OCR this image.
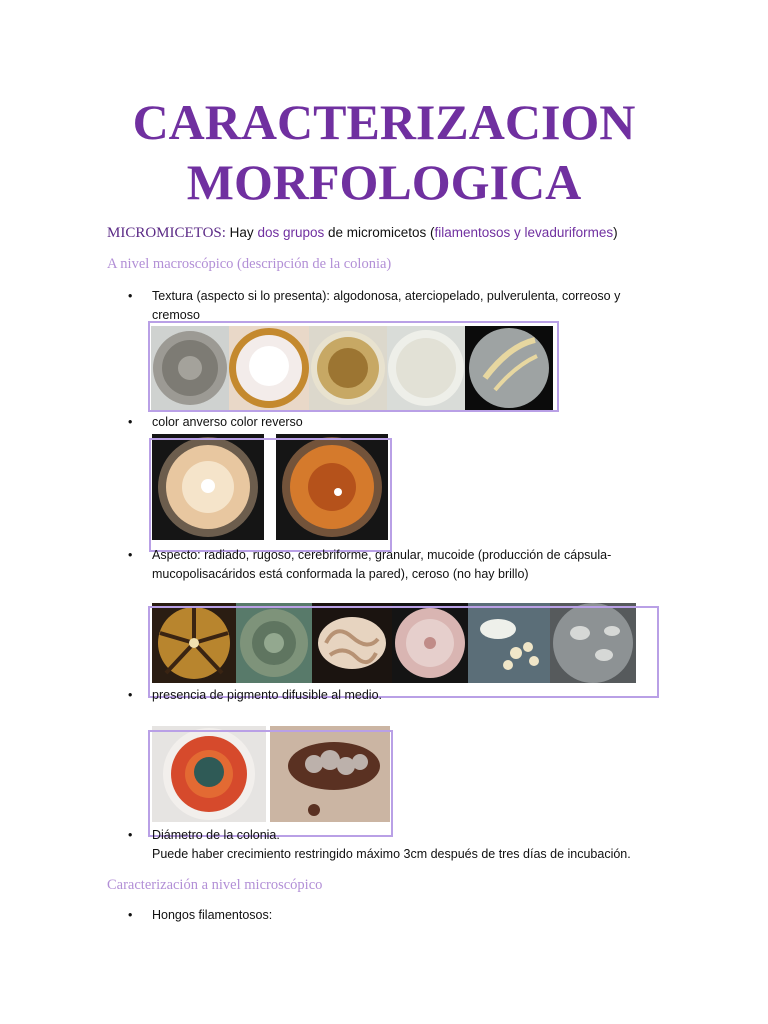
CARACTERIZACION
MORFOLOGICA
MICROMICETOS: Hay dos grupos de micromicetos (filamentosos y levaduriformes)
A nivel macroscópico (descripción de la colonia)
• Textura (aspecto si lo presenta): algodonosa, aterciopelado, pulverulenta, correoso y
cremoso
• color anverso color reverso
• Aspecto: radiado, rugoso, cerebriforme, granular, mucoide (producción de cápsula-
mucopolisacáridos está conformada la pared), ceroso (no hay brillo)
• presencia de pigmento difusible al medio.
• Diámetro de la colonia.
Puede haber crecimiento restringido máximo 3cm después de tres días de incubación.
Caracterización a nivel microscópico
• Hongos filamentosos:
